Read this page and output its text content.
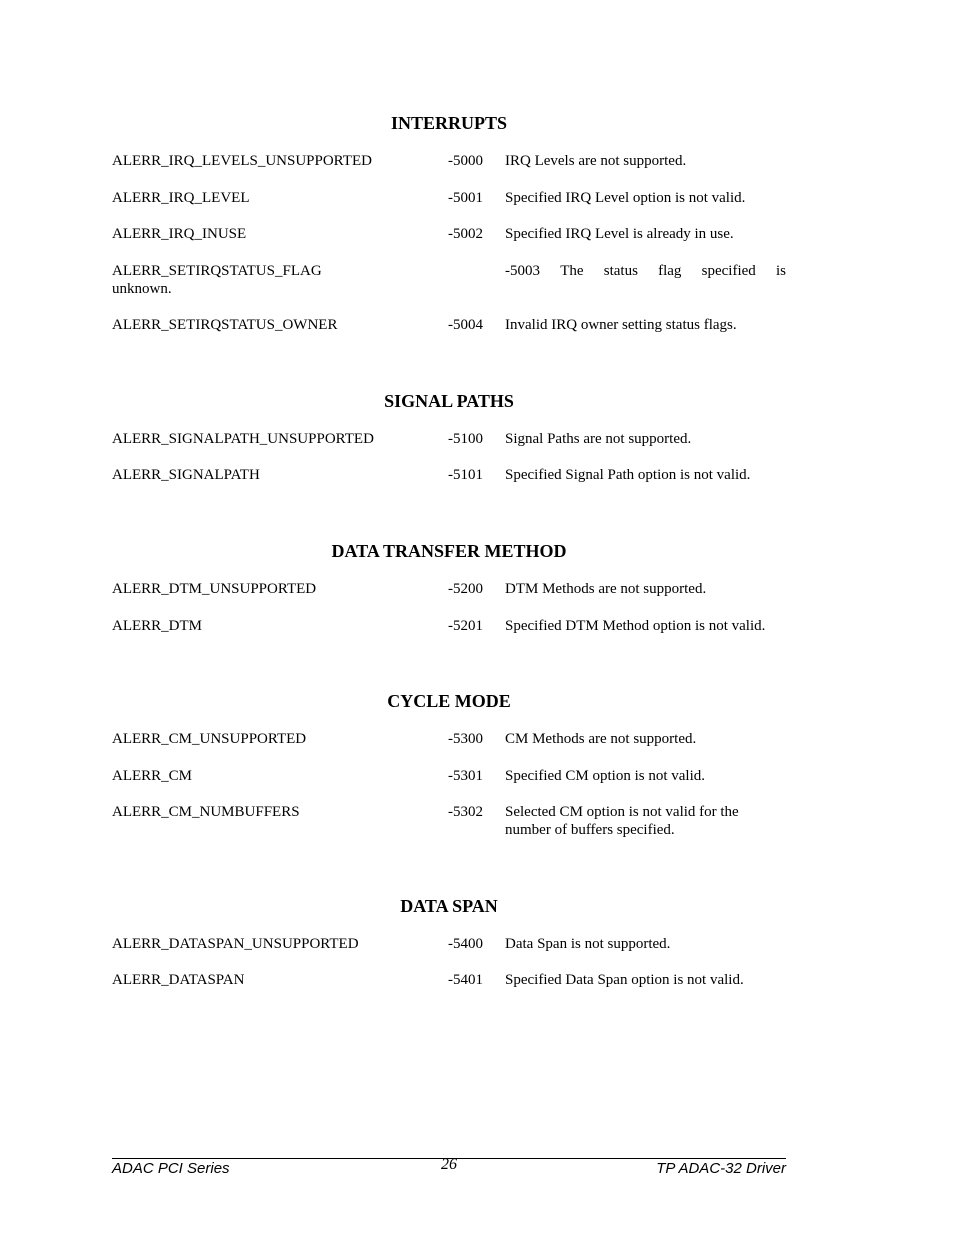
INTERRUPTS
ALERR_IRQ_LEVELS_UNSUPPORTED	-5000 IRQ Levels are not supported.
ALERR_IRQ_LEVEL	-5001 Specified IRQ Level option is not valid.
ALERR_IRQ_INUSE	-5002 Specified IRQ Level is already in use.
ALERR_SETIRQSTATUS_FLAG	-5003 The status flag specified is
unknown.
ALERR_SETIRQSTATUS_OWNER	-5004 Invalid IRQ owner setting status flags.
SIGNAL PATHS
ALERR_SIGNALPATH_UNSUPPORTED	-5100 Signal Paths are not supported.
ALERR_SIGNALPATH	-5101 Specified Signal Path option is not valid.
DATA TRANSFER METHOD
ALERR_DTM_UNSUPPORTED	-5200 DTM Methods are not supported.
ALERR_DTM	-5201 Specified DTM Method option is not valid.
CYCLE MODE
ALERR_CM_UNSUPPORTED	-5300 CM Methods are not supported.
ALERR_CM	-5301 Specified CM option is not valid.
ALERR_CM_NUMBUFFERS	-5302 Selected CM option is not valid for the number of buffers specified.
DATA SPAN
ALERR_DATASPAN_UNSUPPORTED	-5400 Data Span is not supported.
ALERR_DATASPAN	-5401 Specified Data Span option is not valid.
ADAC PCI Series	26	TP ADAC-32 Driver
